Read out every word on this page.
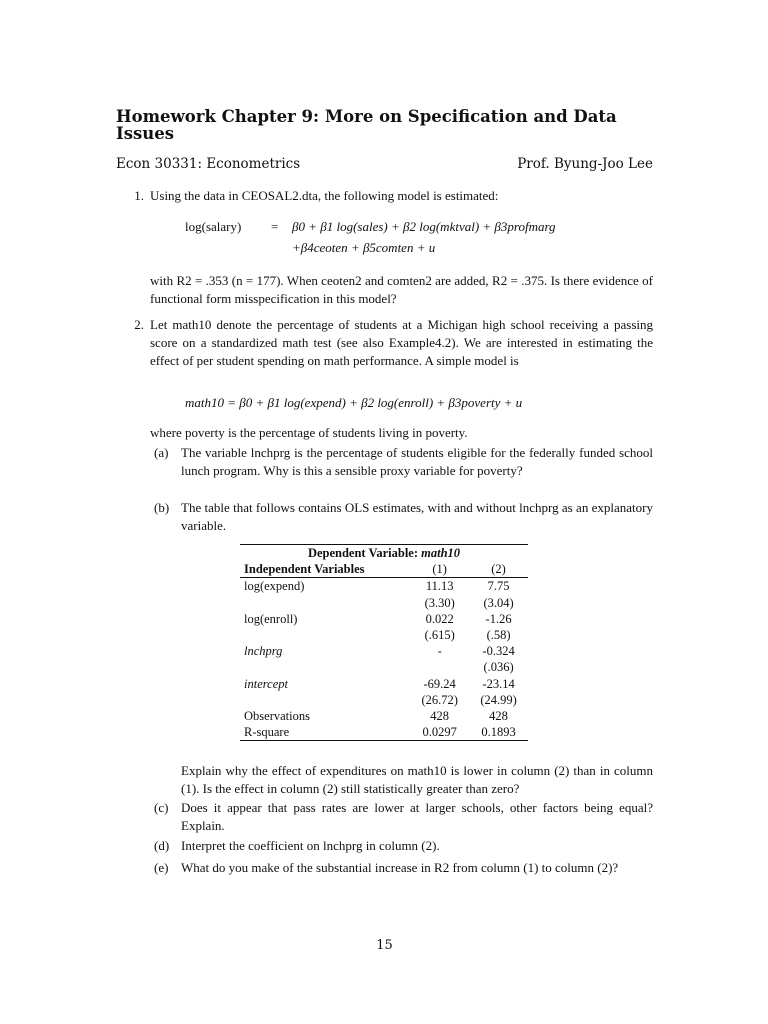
Homework Chapter 9: More on Specification and Data Issues
Econ 30331: Econometrics	Prof. Byung-Joo Lee
1. Using the data in CEOSAL2.dta, the following model is estimated:
log(salary) = β0 + β1 log(sales) + β2 log(mktval) + β3profmarg
+β4ceoten + β5comten + u
with R2 = .353 (n = 177). When ceoten2 and comten2 are added, R2 = .375. Is there evidence of functional form misspecification in this model?
2. Let math10 denote the percentage of students at a Michigan high school receiving a passing score on a standardized math test (see also Example4.2). We are interested in estimating the effect of per student spending on math performance. A simple model is
math10 = β0 + β1 log(expend) + β2 log(enroll) + β3poverty + u
where poverty is the percentage of students living in poverty.
(a) The variable lnchprg is the percentage of students eligible for the federally funded school lunch program. Why is this a sensible proxy variable for poverty?
(b) The table that follows contains OLS estimates, with and without lnchprg as an explanatory variable.
Dependent Variable: math10		
Independent Variables	(1)	(2)
log(expend)	11.13	7.75
	(3.30)	(3.04)
log(enroll)	0.022	-1.26
	(.615)	(.58)
lnchprg	-	-0.324
		(.036)
intercept	-69.24	-23.14
	(26.72)	(24.99)
Observations	428	428
R-square	0.0297	0.1893
Explain why the effect of expenditures on math10 is lower in column (2) than in column (1). Is the effect in column (2) still statistically greater than zero?
(c) Does it appear that pass rates are lower at larger schools, other factors being equal? Explain.
(d) Interpret the coefficient on lnchprg in column (2).
(e) What do you make of the substantial increase in R2 from column (1) to column (2)?
15
